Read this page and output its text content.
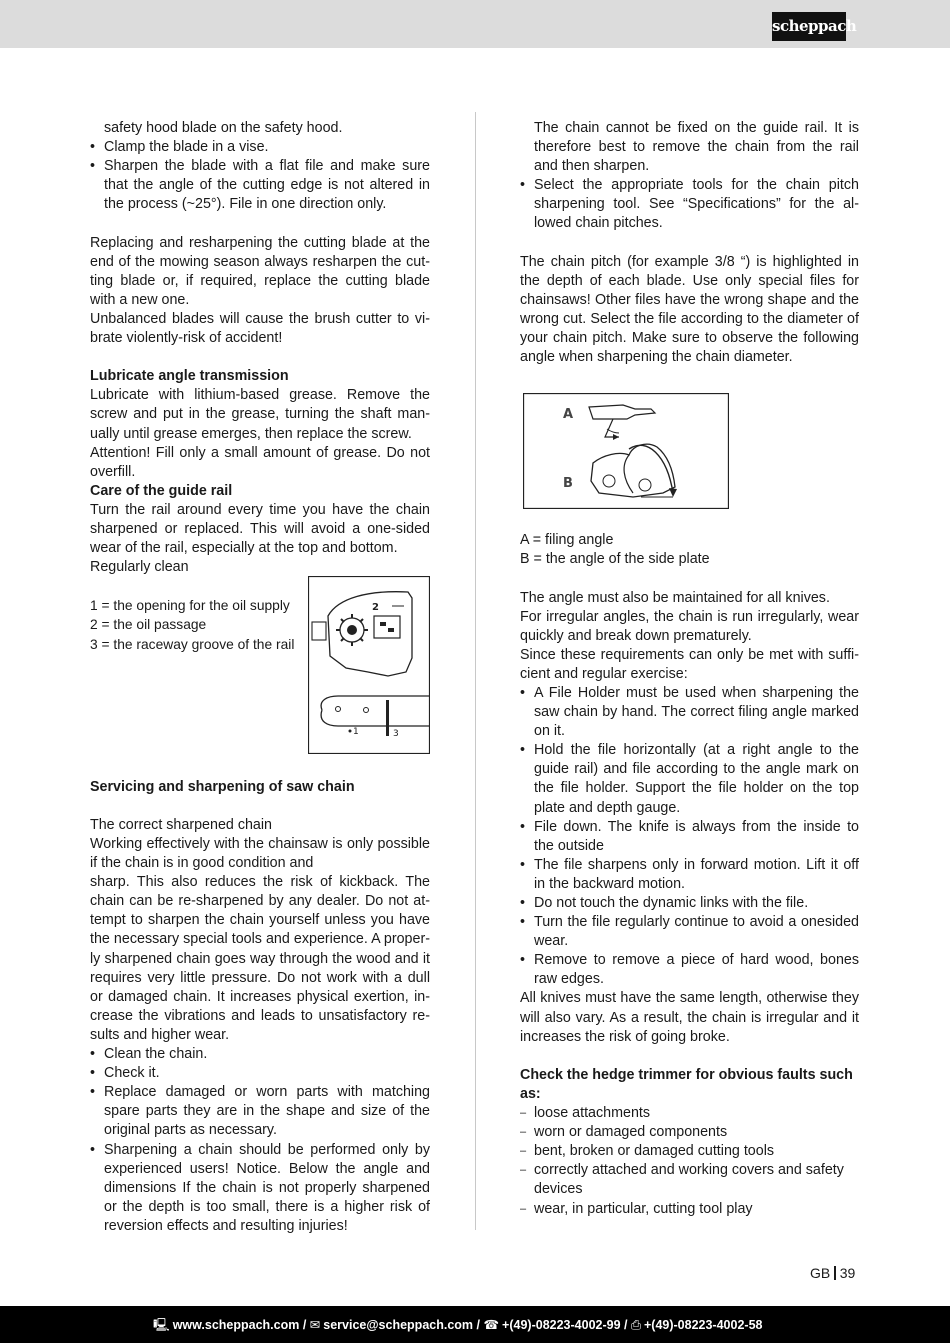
scheppach

safety hood blade on the safety hood.

• Clamp the blade in a vise.
• Sharpen the blade with a flat file and make sure that the angle of the cutting edge is not altered in the process (~25°). File in one direction only.

Replacing and resharpening the cutting blade at the end of the mowing season always resharpen the cutting blade or, if required, replace the cutting blade with a new one.

Unbalanced blades will cause the brush cutter to vibrate violently-risk of accident!

Lubricate angle transmission

Lubricate with lithium-based grease. Remove the screw and put in the grease, turning the shaft manually until grease emerges, then replace the screw.

Attention! Fill only a small amount of grease. Do not overfill.

Care of the guide rail

Turn the rail around every time you have the chain sharpened or replaced. This will avoid a one-sided wear of the rail, especially at the top and bottom.

Regularly clean

1 = the opening for the oil supply
2 = the oil passage
3 = the raceway groove of the rail

Servicing and sharpening of saw chain

The correct sharpened chain

Working effectively with the chainsaw is only possible if the chain is in good condition and

sharp. This also reduces the risk of kickback. The chain can be re-sharpened by any dealer. Do not attempt to sharpen the chain yourself unless you have the necessary special tools and experience. A properly sharpened chain goes way through the wood and it requires very little pressure. Do not work with a dull or damaged chain. It increases physical exertion, increase the vibrations and leads to unsatisfactory results and higher wear.

• Clean the chain.
• Check it.
• Replace damaged or worn parts with matching spare parts they are in the shape and size of the original parts as necessary.
• Sharpening a chain should be performed only by experienced users! Notice. Below the angle and dimensions If the chain is not properly sharpened or the depth is too small, there is a higher risk of reversion effects and resulting injuries!
2
1	3

The chain cannot be fixed on the guide rail. It is therefore best to remove the chain from the rail and then sharpen.

• Select the appropriate tools for the chain pitch sharpening tool. See “Specifications” for the allowed chain pitches.

The chain pitch (for example 3/8 “) is highlighted in the depth of each blade. Use only special files for chainsaws! Other files have the wrong shape and the wrong cut. Select the file according to the diameter of your chain pitch. Make sure to observe the following angle when sharpening the chain diameter.

A = filing angle

B = the angle of the side plate

The angle must also be maintained for all knives.

For irregular angles, the chain is run irregularly, wear quickly and break down prematurely.

Since these requirements can only be met with sufficient and regular exercise:

• A File Holder must be used when sharpening the saw chain by hand. The correct filing angle marked on it.
• Hold the file horizontally (at a right angle to the guide rail) and file according to the angle mark on the file holder. Support the file holder on the top plate and depth gauge.
• File down. The knife is always from the inside to the outside
• The file sharpens only in forward motion. Lift it off in the backward motion.
• Do not touch the dynamic links with the file.
• Turn the file regularly continue to avoid a onesided wear.
• Remove to remove a piece of hard wood, bones raw edges.

All knives must have the same length, otherwise they will also vary. As a result, the chain is irregular and it increases the risk of going broke.

Check the hedge trimmer for obvious faults such as:

– loose attachments
– worn or damaged components
– bent, broken or damaged cutting tools
– correctly attached and working covers and safety devices
– wear, in particular, cutting tool play
A
B
GB 39
🖳 www.scheppach.com / ✉ service@scheppach.com / ☎ +(49)-08223-4002-99 / ⎙ +(49)-08223-4002-58
